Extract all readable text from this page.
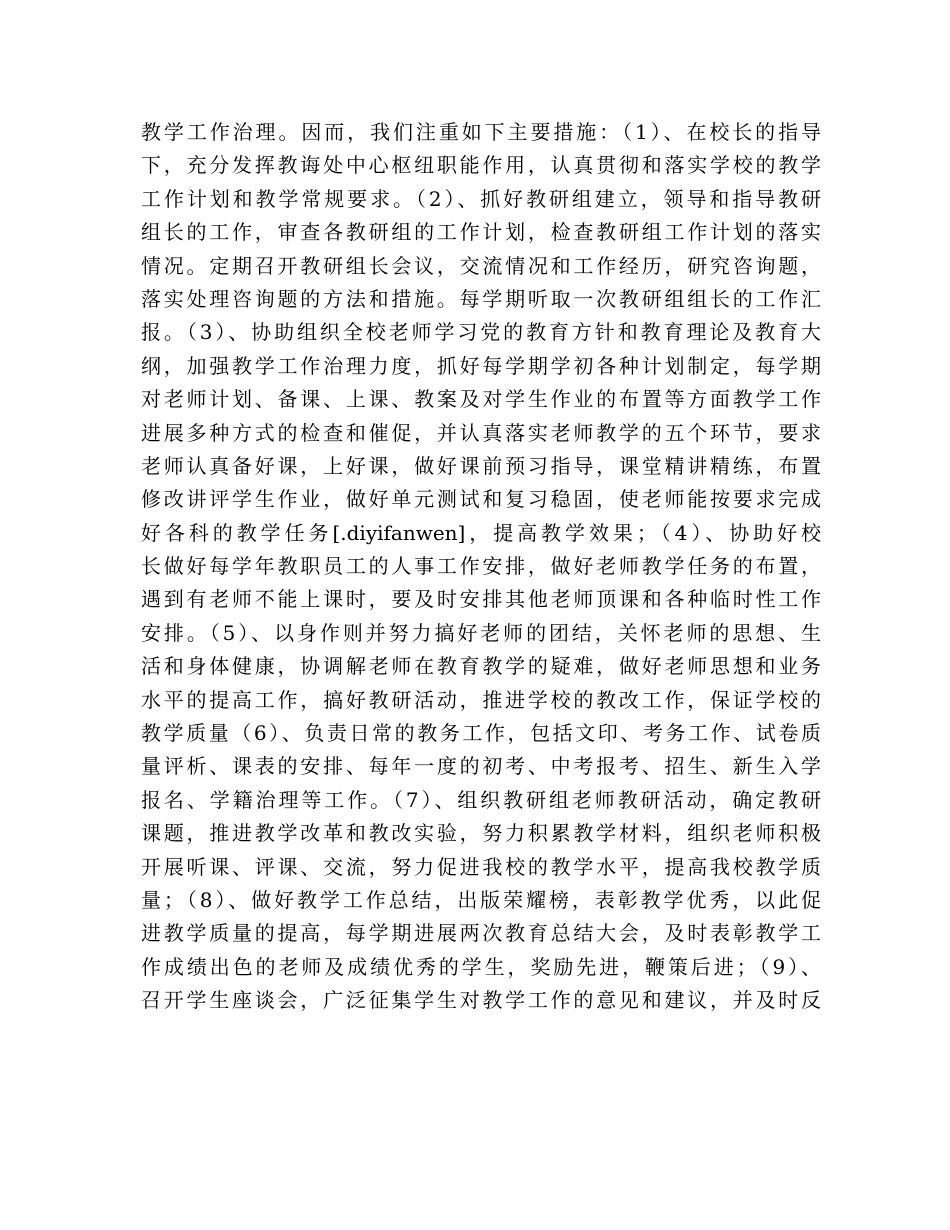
教学工作治理。因而，我们注重如下主要措施：（1）、在校长的指导
下，充分发挥教诲处中心枢纽职能作用，认真贯彻和落实学校的教学
工作计划和教学常规要求。（2）、抓好教研组建立，领导和指导教研
组长的工作，审查各教研组的工作计划，检查教研组工作计划的落实
情况。定期召开教研组长会议，交流情况和工作经历，研究咨询题，
落实处理咨询题的方法和措施。每学期听取一次教研组组长的工作汇
报。（3）、协助组织全校老师学习党的教育方针和教育理论及教育大
纲，加强教学工作治理力度，抓好每学期学初各种计划制定，每学期
对老师计划、备课、上课、教案及对学生作业的布置等方面教学工作
进展多种方式的检查和催促，并认真落实老师教学的五个环节，要求
老师认真备好课，上好课，做好课前预习指导，课堂精讲精练，布置
修改讲评学生作业，做好单元测试和复习稳固，使老师能按要求完成
好各科的教学任务[.diyifanwen]，提高教学效果；（4）、协助好校
长做好每学年教职员工的人事工作安排，做好老师教学任务的布置，
遇到有老师不能上课时，要及时安排其他老师顶课和各种临时性工作
安排。（5）、以身作则并努力搞好老师的团结，关怀老师的思想、生
活和身体健康，协调解老师在教育教学的疑难，做好老师思想和业务
水平的提高工作，搞好教研活动，推进学校的教改工作，保证学校的
教学质量（6）、负责日常的教务工作，包括文印、考务工作、试卷质
量评析、课表的安排、每年一度的初考、中考报考、招生、新生入学
报名、学籍治理等工作。（7）、组织教研组老师教研活动，确定教研
课题，推进教学改革和教改实验，努力积累教学材料，组织老师积极
开展听课、评课、交流，努力促进我校的教学水平，提高我校教学质
量；（8）、做好教学工作总结，出版荣耀榜，表彰教学优秀，以此促
进教学质量的提高，每学期进展两次教育总结大会，及时表彰教学工
作成绩出色的老师及成绩优秀的学生，奖励先进，鞭策后进；（9）、
召开学生座谈会，广泛征集学生对教学工作的意见和建议，并及时反
